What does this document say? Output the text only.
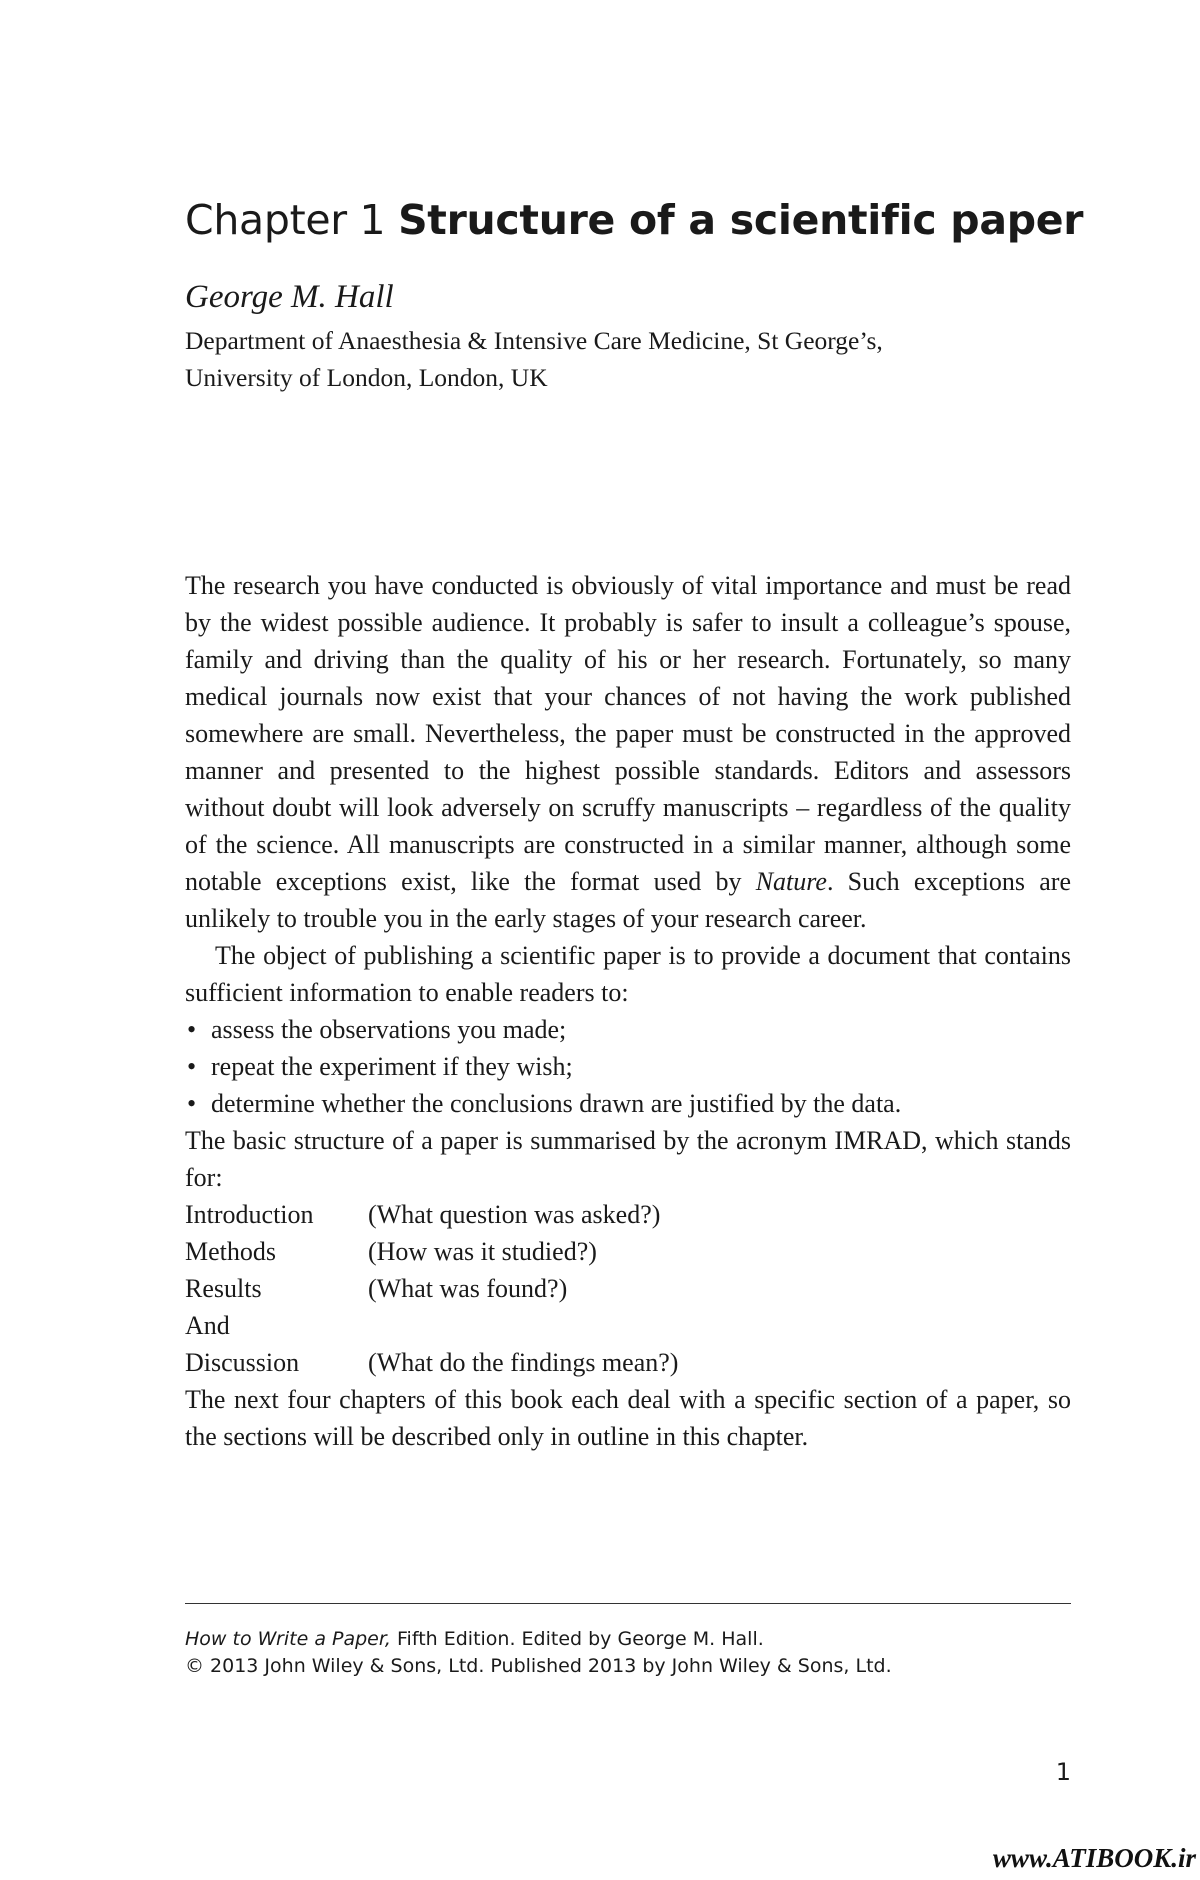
Chapter 1 Structure of a scientific paper
George M. Hall
Department of Anaesthesia & Intensive Care Medicine, St George’s,
University of London, London, UK

The research you have conducted is obviously of vital importance and must be read by the widest possible audience. It probably is safer to insult a colleague’s spouse, family and driving than the quality of his or her research. Fortunately, so many medical journals now exist that your chances of not having the work published somewhere are small. Nevertheless, the paper must be constructed in the approved manner and presented to the highest possible standards. Editors and assessors without doubt will look adversely on scruffy manuscripts – regardless of the quality of the science. All manuscripts are constructed in a similar manner, although some notable exceptions exist, like the format used by Nature. Such exceptions are unlikely to trouble you in the early stages of your research career.

The object of publishing a scientific paper is to provide a document that contains sufficient information to enable readers to:

• assess the observations you made;
• repeat the experiment if they wish;
• determine whether the conclusions drawn are justified by the data.

The basic structure of a paper is summarised by the acronym IMRAD, which stands for:

Introduction	(What question was asked?)
Methods	(How was it studied?)
Results	(What was found?)
And
Discussion	(What do the findings mean?)

The next four chapters of this book each deal with a specific section of a paper, so the sections will be described only in outline in this chapter.

How to Write a Paper, Fifth Edition. Edited by George M. Hall.
© 2013 John Wiley & Sons, Ltd. Published 2013 by John Wiley & Sons, Ltd.
1
www.ATIBOOK.ir
